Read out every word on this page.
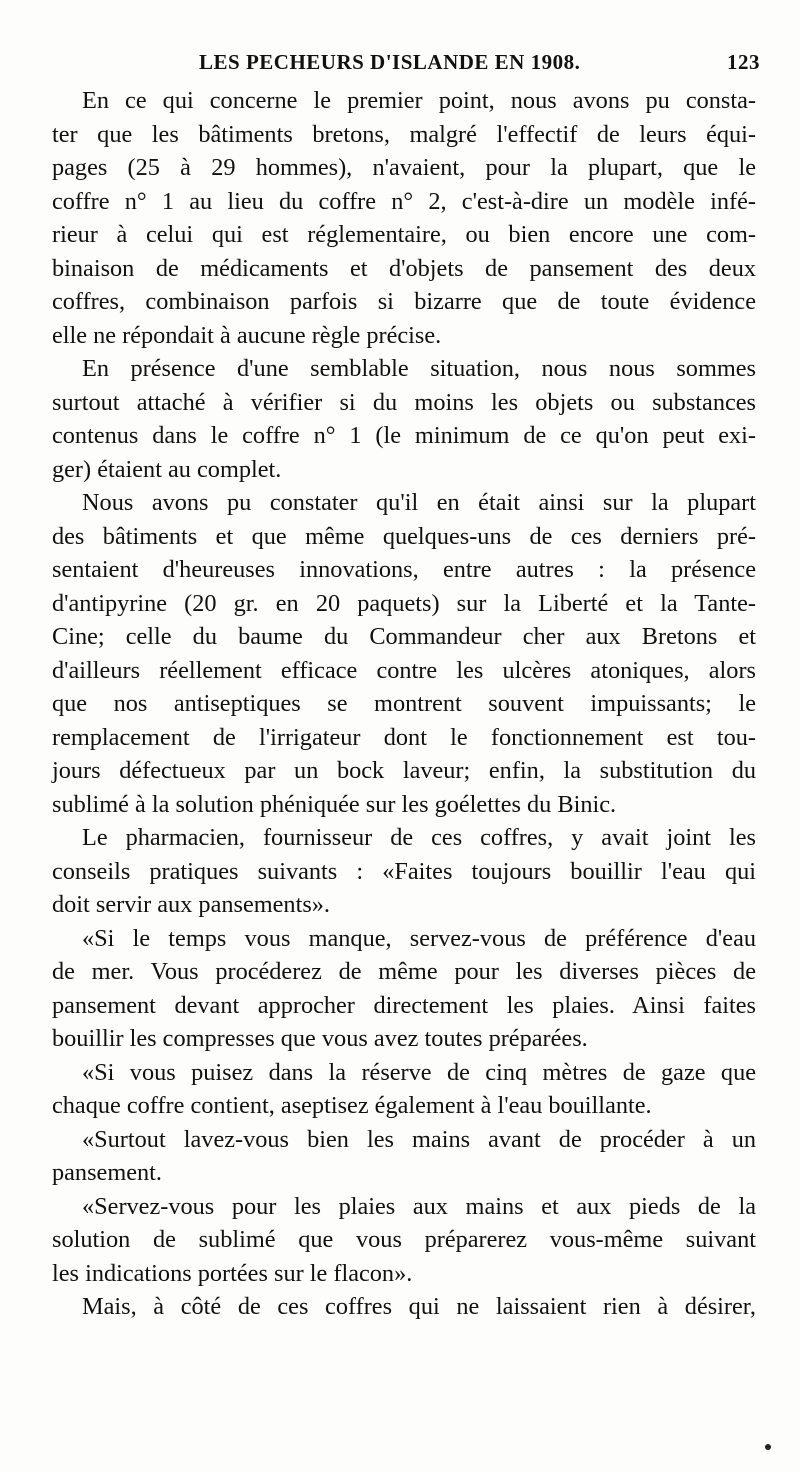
LES PECHEURS D'ISLANDE EN 1908.	123
En ce qui concerne le premier point, nous avons pu consta-
ter que les bâtiments bretons, malgré l'effectif de leurs équi-
pages (25 à 29 hommes), n'avaient, pour la plupart, que le
coffre n° 1 au lieu du coffre n° 2, c'est-à-dire un modèle infé-
rieur à celui qui est réglementaire, ou bien encore une com-
binaison de médicaments et d'objets de pansement des deux
coffres, combinaison parfois si bizarre que de toute évidence
elle ne répondait à aucune règle précise.
En présence d'une semblable situation, nous nous sommes
surtout attaché à vérifier si du moins les objets ou substances
contenus dans le coffre n° 1 (le minimum de ce qu'on peut exi-
ger) étaient au complet.
Nous avons pu constater qu'il en était ainsi sur la plupart
des bâtiments et que même quelques-uns de ces derniers pré-
sentaient d'heureuses innovations, entre autres : la présence
d'antipyrine (20 gr. en 20 paquets) sur la Liberté et la Tante-
Cine; celle du baume du Commandeur cher aux Bretons et
d'ailleurs réellement efficace contre les ulcères atoniques, alors
que nos antiseptiques se montrent souvent impuissants; le
remplacement de l'irrigateur dont le fonctionnement est tou-
jours défectueux par un bock laveur; enfin, la substitution du
sublimé à la solution phéniquée sur les goélettes du Binic.
Le pharmacien, fournisseur de ces coffres, y avait joint les
conseils pratiques suivants : «Faites toujours bouillir l'eau qui
doit servir aux pansements».
«Si le temps vous manque, servez-vous de préférence d'eau
de mer. Vous procéderez de même pour les diverses pièces de
pansement devant approcher directement les plaies. Ainsi faites
bouillir les compresses que vous avez toutes préparées.
«Si vous puisez dans la réserve de cinq mètres de gaze que
chaque coffre contient, aseptisez également à l'eau bouillante.
«Surtout lavez-vous bien les mains avant de procéder à un
pansement.
«Servez-vous pour les plaies aux mains et aux pieds de la
solution de sublimé que vous préparerez vous-même suivant
les indications portées sur le flacon».
Mais, à côté de ces coffres qui ne laissaient rien à désirer,
